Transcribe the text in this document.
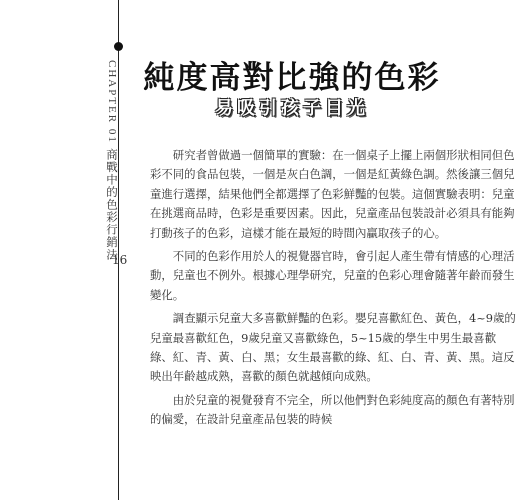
CHAPTER 01 商戰中的色彩行銷法
16
純度高對比強的色彩
易吸引孩子目光

研究者曾做過一個簡單的實驗：在一個桌子上擺上兩個形狀相同但色彩不同的食品包裝，一個是灰白色調，一個是紅黃綠色調。然後讓三個兒童進行選擇，結果他們全都選擇了色彩鮮豔的包裝。這個實驗表明：兒童在挑選商品時，色彩是重要因素。因此，兒童產品包裝設計必須具有能夠打動孩子的色彩，這樣才能在最短的時間內贏取孩子的心。

不同的色彩作用於人的視覺器官時，會引起人產生帶有情感的心理活動，兒童也不例外。根據心理學研究，兒童的色彩心理會隨著年齡而發生變化。

調查顯示兒童大多喜歡鮮豔的色彩。嬰兒喜歡紅色、黃色，4~9歲的兒童最喜歡紅色，9歲兒童又喜歡綠色，5~15歲的學生中男生最喜歡綠、紅、青、黃、白、黑；女生最喜歡的綠、紅、白、青、黃、黑。這反映出年齡越成熟，喜歡的顏色就越傾向成熟。

由於兒童的視覺發育不完全，所以他們對色彩純度高的顏色有著特別的偏愛，在設計兒童產品包裝的時候
